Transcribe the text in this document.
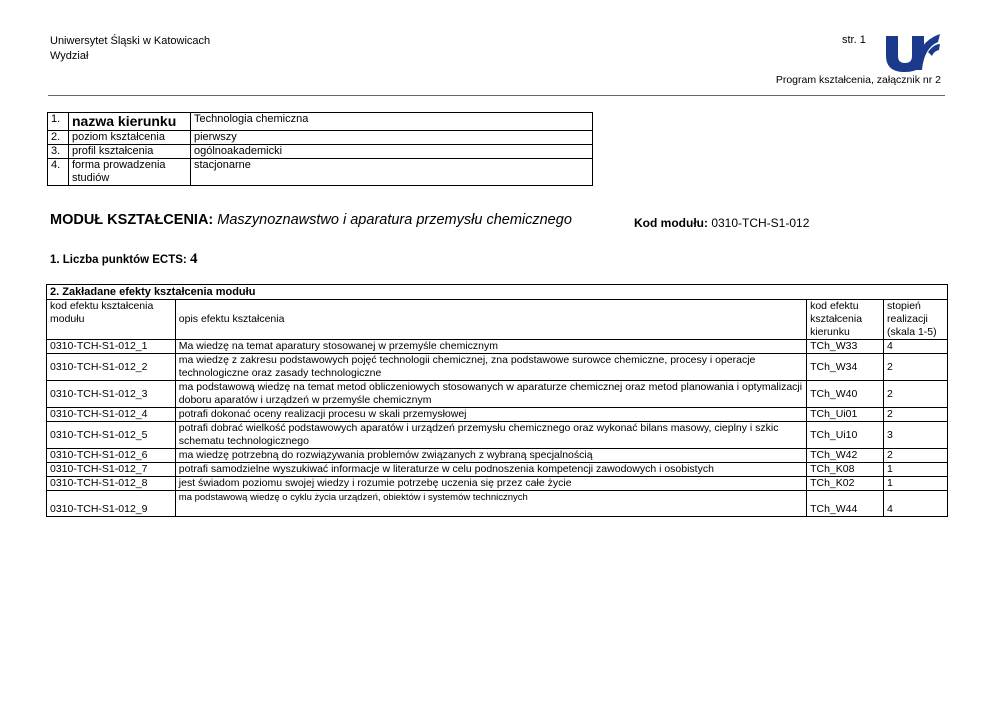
Uniwersytet Śląski w Katowicach
Wydział
str. 1
Program kształcenia, załącznik nr 2
1.	nazwa kierunku	Technologia chemiczna
2.	poziom kształcenia	pierwszy
3.	profil kształcenia	ogólnoakademicki
4.	forma prowadzenia studiów	stacjonarne
MODUŁ KSZTAŁCENIA: Maszynoznawstwo i aparatura przemysłu chemicznego	Kod modułu: 0310-TCH-S1-012
1. Liczba punktów ECTS: 4
2. Zakładane efekty kształcenia modułu			
kod efektu kształcenia modułu	opis efektu kształcenia	kod efektu kształcenia kierunku	stopień realizacji (skala 1-5)
0310-TCH-S1-012_1	Ma wiedzę na temat aparatury stosowanej w przemyśle chemicznym	TCh_W33	4
0310-TCH-S1-012_2	ma wiedzę z zakresu podstawowych pojęć technologii chemicznej, zna podstawowe surowce chemiczne, procesy i operacje technologiczne oraz zasady technologiczne	TCh_W34	2
0310-TCH-S1-012_3	ma podstawową wiedzę na temat metod obliczeniowych stosowanych w aparaturze chemicznej oraz metod planowania i optymalizacji doboru aparatów i urządzeń w przemyśle chemicznym	TCh_W40	2
0310-TCH-S1-012_4	potrafi dokonać oceny realizacji procesu w skali przemysłowej	TCh_Ui01	2
0310-TCH-S1-012_5	potrafi dobrać wielkość podstawowych aparatów i urządzeń przemysłu chemicznego oraz wykonać bilans masowy, cieplny i szkic schematu technologicznego	TCh_Ui10	3
0310-TCH-S1-012_6	ma wiedzę potrzebną do rozwiązywania problemów związanych z wybraną specjalnością	TCh_W42	2
0310-TCH-S1-012_7	potrafi samodzielne wyszukiwać informacje w literaturze w celu podnoszenia kompetencji zawodowych i osobistych	TCh_K08	1
0310-TCH-S1-012_8	jest świadom poziomu swojej wiedzy i rozumie potrzebę uczenia się przez całe życie	TCh_K02	1
0310-TCH-S1-012_9	ma podstawową wiedzę o cyklu życia urządzeń, obiektów i systemów technicznych	TCh_W44	4
